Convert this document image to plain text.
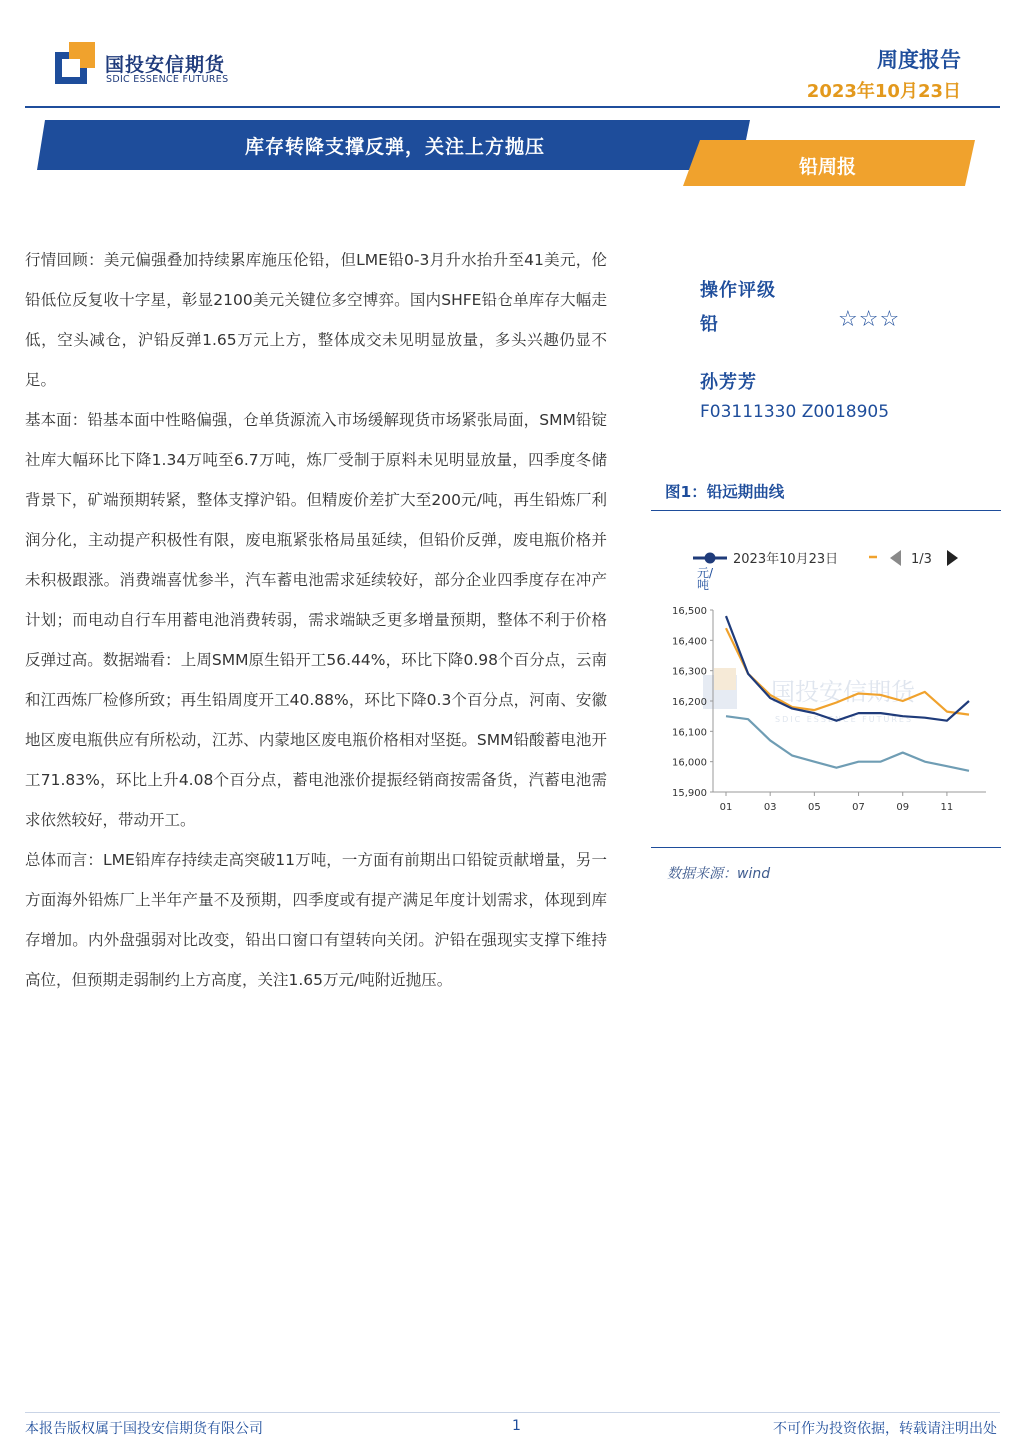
国投安信期货
SDIC ESSENCE FUTURES
周度报告
2023年10月23日
库存转降支撑反弹，关注上方抛压
铅周报

行情回顾：美元偏强叠加持续累库施压伦铅，但LME铅0-3月升水抬升至41美元，伦铅低位反复收十字星，彰显2100美元关键位多空博弈。国内SHFE铅仓单库存大幅走低，空头减仓，沪铅反弹1.65万元上方，整体成交未见明显放量，多头兴趣仍显不足。

基本面：铅基本面中性略偏强，仓单货源流入市场缓解现货市场紧张局面，SMM铅锭社库大幅环比下降1.34万吨至6.7万吨，炼厂受制于原料未见明显放量，四季度冬储背景下，矿端预期转紧，整体支撑沪铅。但精废价差扩大至200元/吨，再生铅炼厂利润分化，主动提产积极性有限，废电瓶紧张格局虽延续，但铅价反弹，废电瓶价格并未积极跟涨。消费端喜忧参半，汽车蓄电池需求延续较好，部分企业四季度存在冲产计划；而电动自行车用蓄电池消费转弱，需求端缺乏更多增量预期，整体不利于价格反弹过高。数据端看：上周SMM原生铅开工56.44%，环比下降0.98个百分点，云南和江西炼厂检修所致；再生铅周度开工40.88%，环比下降0.3个百分点，河南、安徽地区废电瓶供应有所松动，江苏、内蒙地区废电瓶价格相对坚挺。SMM铅酸蓄电池开工71.83%，环比上升4.08个百分点，蓄电池涨价提振经销商按需备货，汽蓄电池需求依然较好，带动开工。

总体而言：LME铅库存持续走高突破11万吨，一方面有前期出口铅锭贡献增量，另一方面海外铅炼厂上半年产量不及预期，四季度或有提产满足年度计划需求，体现到库存增加。内外盘强弱对比改变，铅出口窗口有望转向关闭。沪铅在强现实支撑下维持高位，但预期走弱制约上方高度，关注1.65万元/吨附近抛压。

操作评级
铅	☆☆☆
孙芳芳
F03111330 Z0018905
图1：铅远期曲线
2023年10月23日	1/3
元/ 吨
国投安信期货
SDIC ESSENCE FUTURES
16,500
16,400
16,300
16,200
16,100
16,000
15,900
01	03	05	07	09	11
数据来源：wind
本报告版权属于国投安信期货有限公司	1	不可作为投资依据，转载请注明出处
